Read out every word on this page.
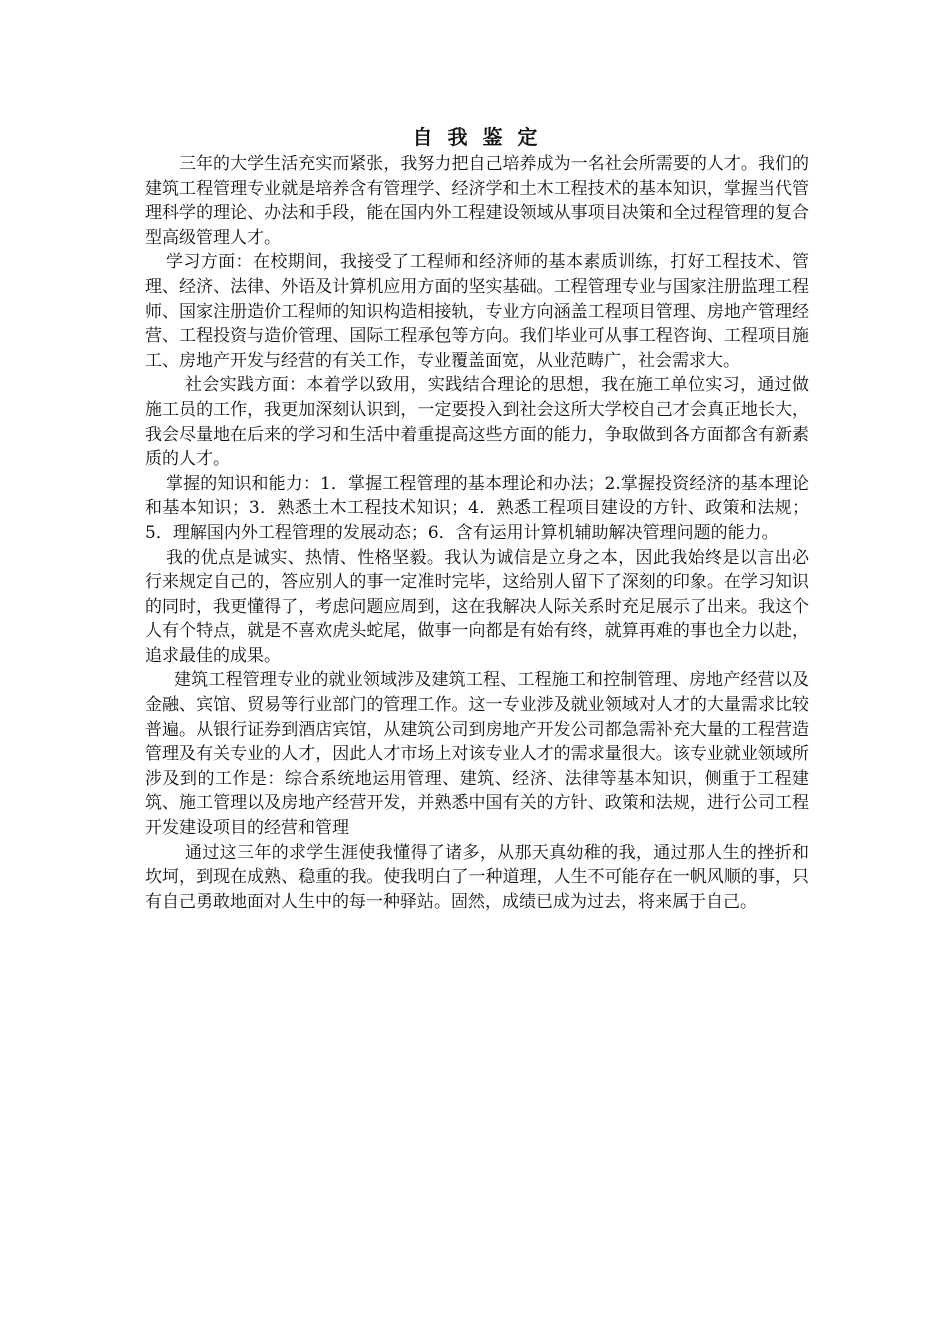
自 我 鉴 定

三年的大学生活充实而紧张，我努力把自己培养成为一名社会所需要的人才。我们的建筑工程管理专业就是培养含有管理学、经济学和土木工程技术的基本知识，掌握当代管理科学的理论、办法和手段，能在国内外工程建设领域从事项目决策和全过程管理的复合型高级管理人才。

学习方面：在校期间，我接受了工程师和经济师的基本素质训练，打好工程技术、管理、经济、法律、外语及计算机应用方面的坚实基础。工程管理专业与国家注册监理工程师、国家注册造价工程师的知识构造相接轨，专业方向涵盖工程项目管理、房地产管理经营、工程投资与造价管理、国际工程承包等方向。我们毕业可从事工程咨询、工程项目施工、房地产开发与经营的有关工作，专业覆盖面宽，从业范畴广，社会需求大。

社会实践方面：本着学以致用，实践结合理论的思想，我在施工单位实习，通过做施工员的工作，我更加深刻认识到，一定要投入到社会这所大学校自己才会真正地长大，我会尽量地在后来的学习和生活中着重提高这些方面的能力，争取做到各方面都含有新素质的人才。

掌握的知识和能力：1．掌握工程管理的基本理论和办法；2.掌握投资经济的基本理论和基本知识；3．熟悉土木工程技术知识；4．熟悉工程项目建设的方针、政策和法规；5．理解国内外工程管理的发展动态；6．含有运用计算机辅助解决管理问题的能力。

我的优点是诚实、热情、性格坚毅。我认为诚信是立身之本，因此我始终是以言出必行来规定自己的，答应别人的事一定准时完毕，这给别人留下了深刻的印象。在学习知识的同时，我更懂得了，考虑问题应周到，这在我解决人际关系时充足展示了出来。我这个人有个特点，就是不喜欢虎头蛇尾，做事一向都是有始有终，就算再难的事也全力以赴，追求最佳的成果。

建筑工程管理专业的就业领域涉及建筑工程、工程施工和控制管理、房地产经营以及金融、宾馆、贸易等行业部门的管理工作。这一专业涉及就业领域对人才的大量需求比较普遍。从银行证券到酒店宾馆，从建筑公司到房地产开发公司都急需补充大量的工程营造管理及有关专业的人才，因此人才市场上对该专业人才的需求量很大。该专业就业领域所涉及到的工作是：综合系统地运用管理、建筑、经济、法律等基本知识，侧重于工程建筑、施工管理以及房地产经营开发，并熟悉中国有关的方针、政策和法规，进行公司工程开发建设项目的经营和管理

通过这三年的求学生涯使我懂得了诸多，从那天真幼稚的我，通过那人生的挫折和坎坷，到现在成熟、稳重的我。使我明白了一种道理，人生不可能存在一帆风顺的事，只有自己勇敢地面对人生中的每一种驿站。固然，成绩已成为过去，将来属于自己。
